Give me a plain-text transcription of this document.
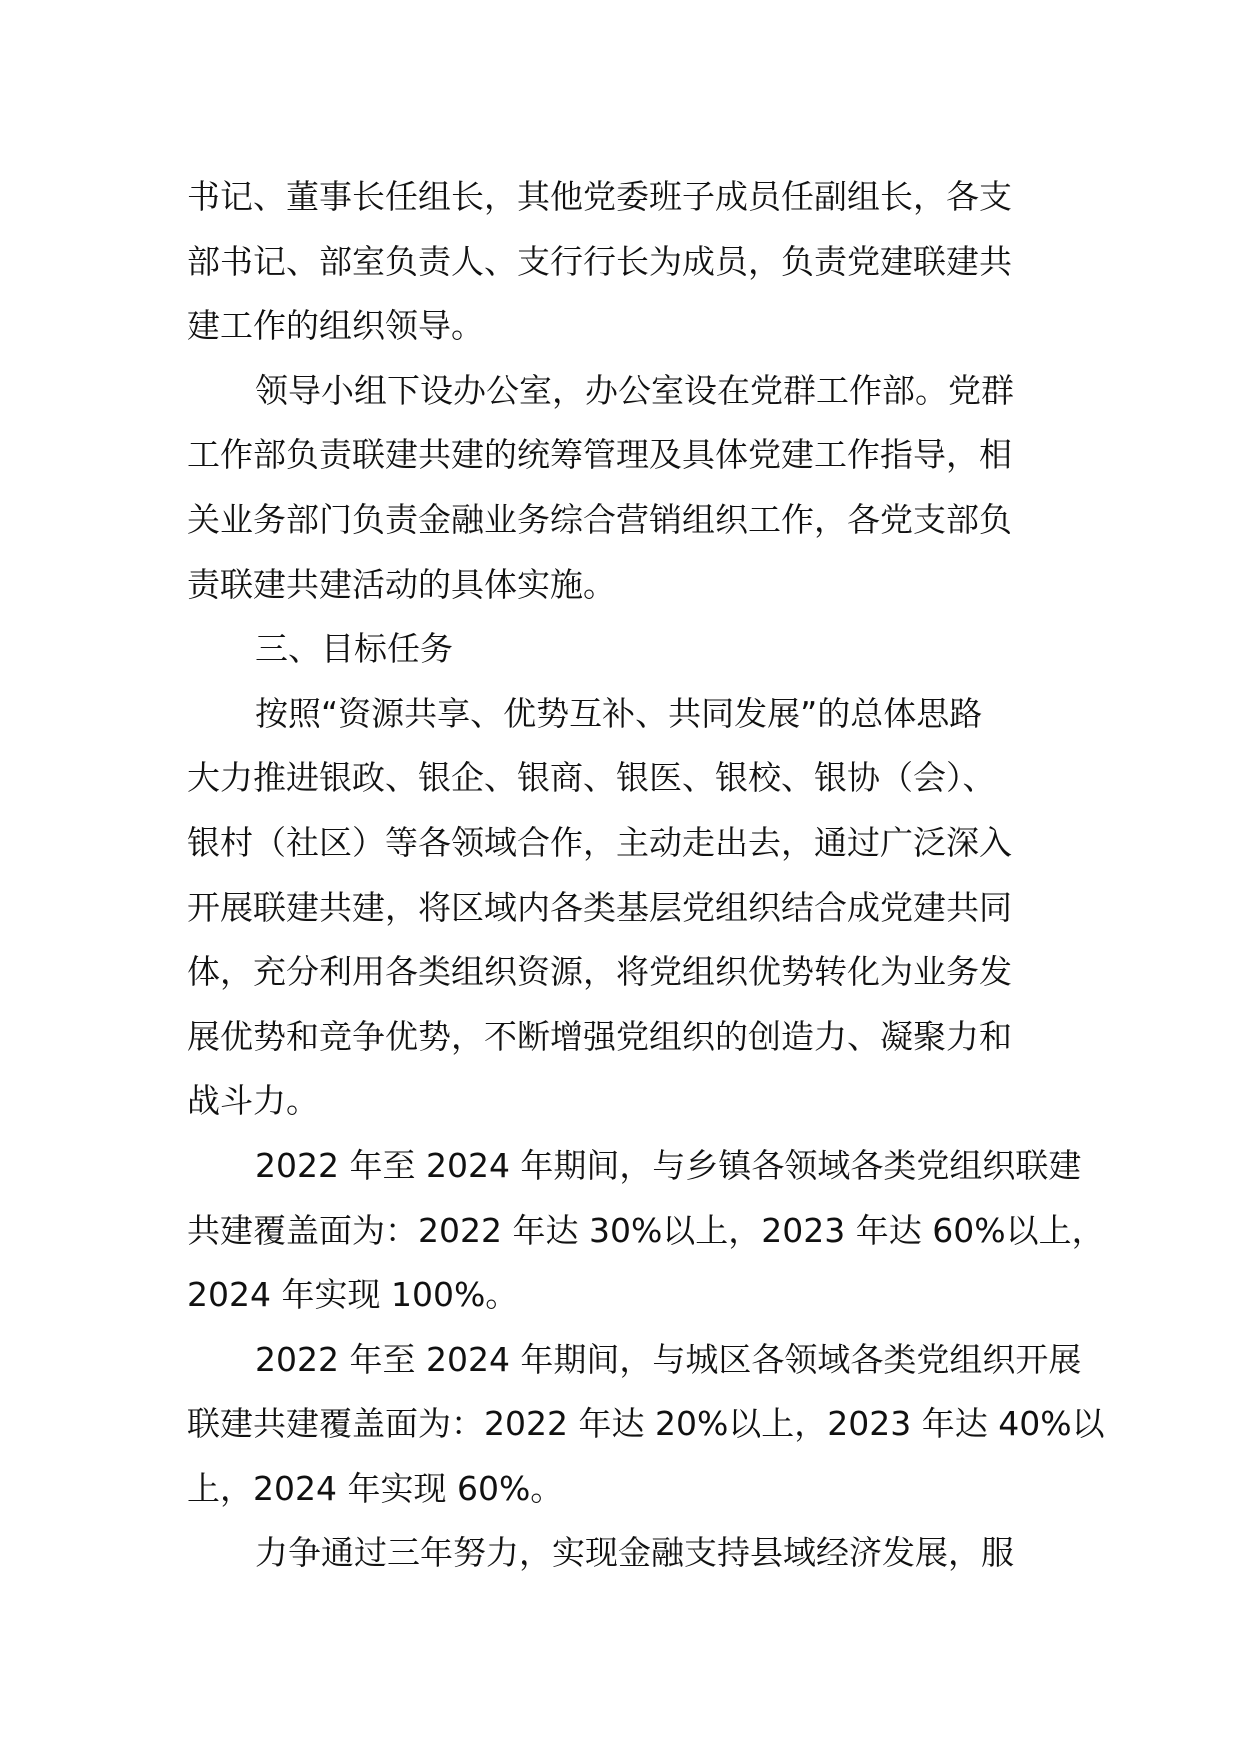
书记、董事长任组长，其他党委班子成员任副组长，各支
部书记、部室负责人、支行行长为成员，负责党建联建共
建工作的组织领导。
领导小组下设办公室，办公室设在党群工作部。党群
工作部负责联建共建的统筹管理及具体党建工作指导，相
关业务部门负责金融业务综合营销组织工作，各党支部负
责联建共建活动的具体实施。
三、目标任务
按照“资源共享、优势互补、共同发展”的总体思路
大力推进银政、银企、银商、银医、银校、银协（会）、
银村（社区）等各领域合作，主动走出去，通过广泛深入
开展联建共建，将区域内各类基层党组织结合成党建共同
体，充分利用各类组织资源，将党组织优势转化为业务发
展优势和竞争优势，不断增强党组织的创造力、凝聚力和
战斗力。
2022 年至 2024 年期间，与乡镇各领域各类党组织联建
共建覆盖面为：2022 年达 30%以上，2023 年达 60%以上，
2024 年实现 100%。
2022 年至 2024 年期间，与城区各领域各类党组织开展
联建共建覆盖面为：2022 年达 20%以上，2023 年达 40%以
上，2024 年实现 60%。
力争通过三年努力，实现金融支持县域经济发展，服
